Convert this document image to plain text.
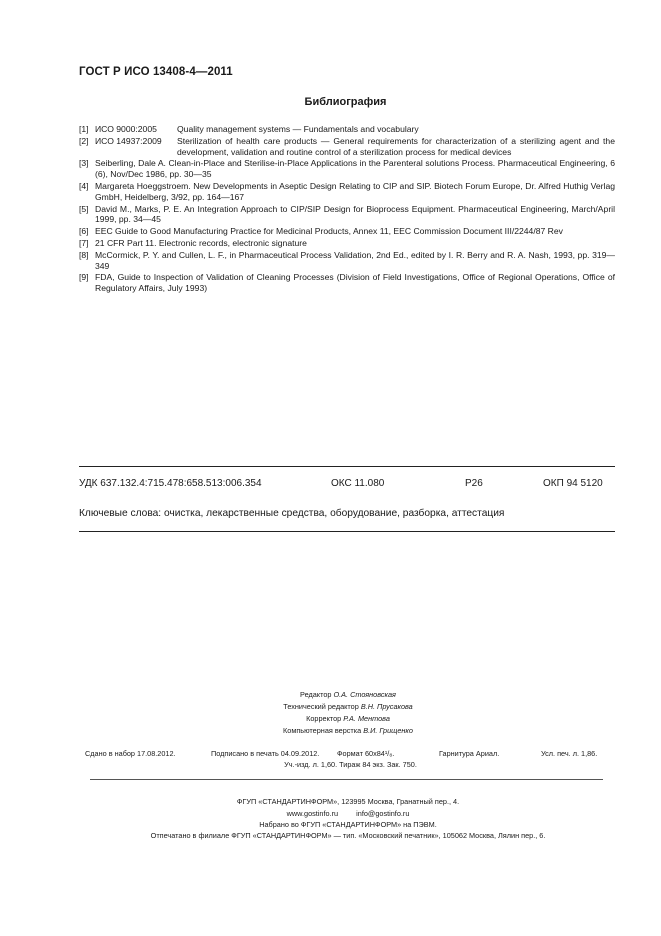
ГОСТ Р ИСО 13408-4—2011
Библиография
[1] ИСО 9000:2005	Quality management systems — Fundamentals and vocabulary
[2] ИСО 14937:2009	Sterilization of health care products — General requirements for characterization of a sterilizing agent and the development, validation and routine control of a sterilization process for medical devices
[3] Seiberling, Dale A. Clean-in-Place and Sterilise-in-Place Applications in the Parenteral solutions Process. Pharmaceutical Engineering, 6 (6), Nov/Dec 1986, pp. 30—35
[4] Margareta Hoeggstroem. New Developments in Aseptic Design Relating to CIP and SIP. Biotech Forum Europe, Dr. Alfred Huthig Verlag GmbH, Heidelberg, 3/92, pp. 164—167
[5] David M., Marks, P. E. An Integration Approach to CIP/SIP Design for Bioprocess Equipment. Pharmaceutical Engineering, March/April 1999, pp. 34—45
[6] EEC Guide to Good Manufacturing Practice for Medicinal Products, Annex 11, EEC Commission Document III/2244/87 Rev
[7] 21 CFR Part 11. Electronic records, electronic signature
[8] McCormick, P. Y. and Cullen, L. F., in Pharmaceutical Process Validation, 2nd Ed., edited by I. R. Berry and R. A. Nash, 1993, pp. 319—349
[9] FDA, Guide to Inspection of Validation of Cleaning Processes (Division of Field Investigations, Office of Regional Operations, Office of Regulatory Affairs, July 1993)
УДК 637.132.4:715.478:658.513:006.354	ОКС 11.080	Р26	ОКП 94 5120
Ключевые слова: очистка, лекарственные средства, оборудование, разборка, аттестация
Редактор О.А. Стояновская
Технический редактор В.Н. Прусакова
Корректор Р.А. Ментова
Компьютерная верстка В.И. Грищенко
Сдано в набор 17.08.2012.	Подписано в печать 04.09.2012. Формат 60x84¹/₈.	Гарнитура Ариал.	Усл. печ. л. 1,86.
Уч.-изд. л. 1,60. Тираж 84 экз. Зак. 750.
ФГУП «СТАНДАРТИНФОРМ», 123995 Москва, Гранатный пер., 4.
www.gostinfo.ru info@gostinfo.ru
Набрано во ФГУП «СТАНДАРТИНФОРМ» на ПЭВМ.
Отпечатано в филиале ФГУП «СТАНДАРТИНФОРМ» — тип. «Московский печатник», 105062 Москва, Лялин пер., 6.
